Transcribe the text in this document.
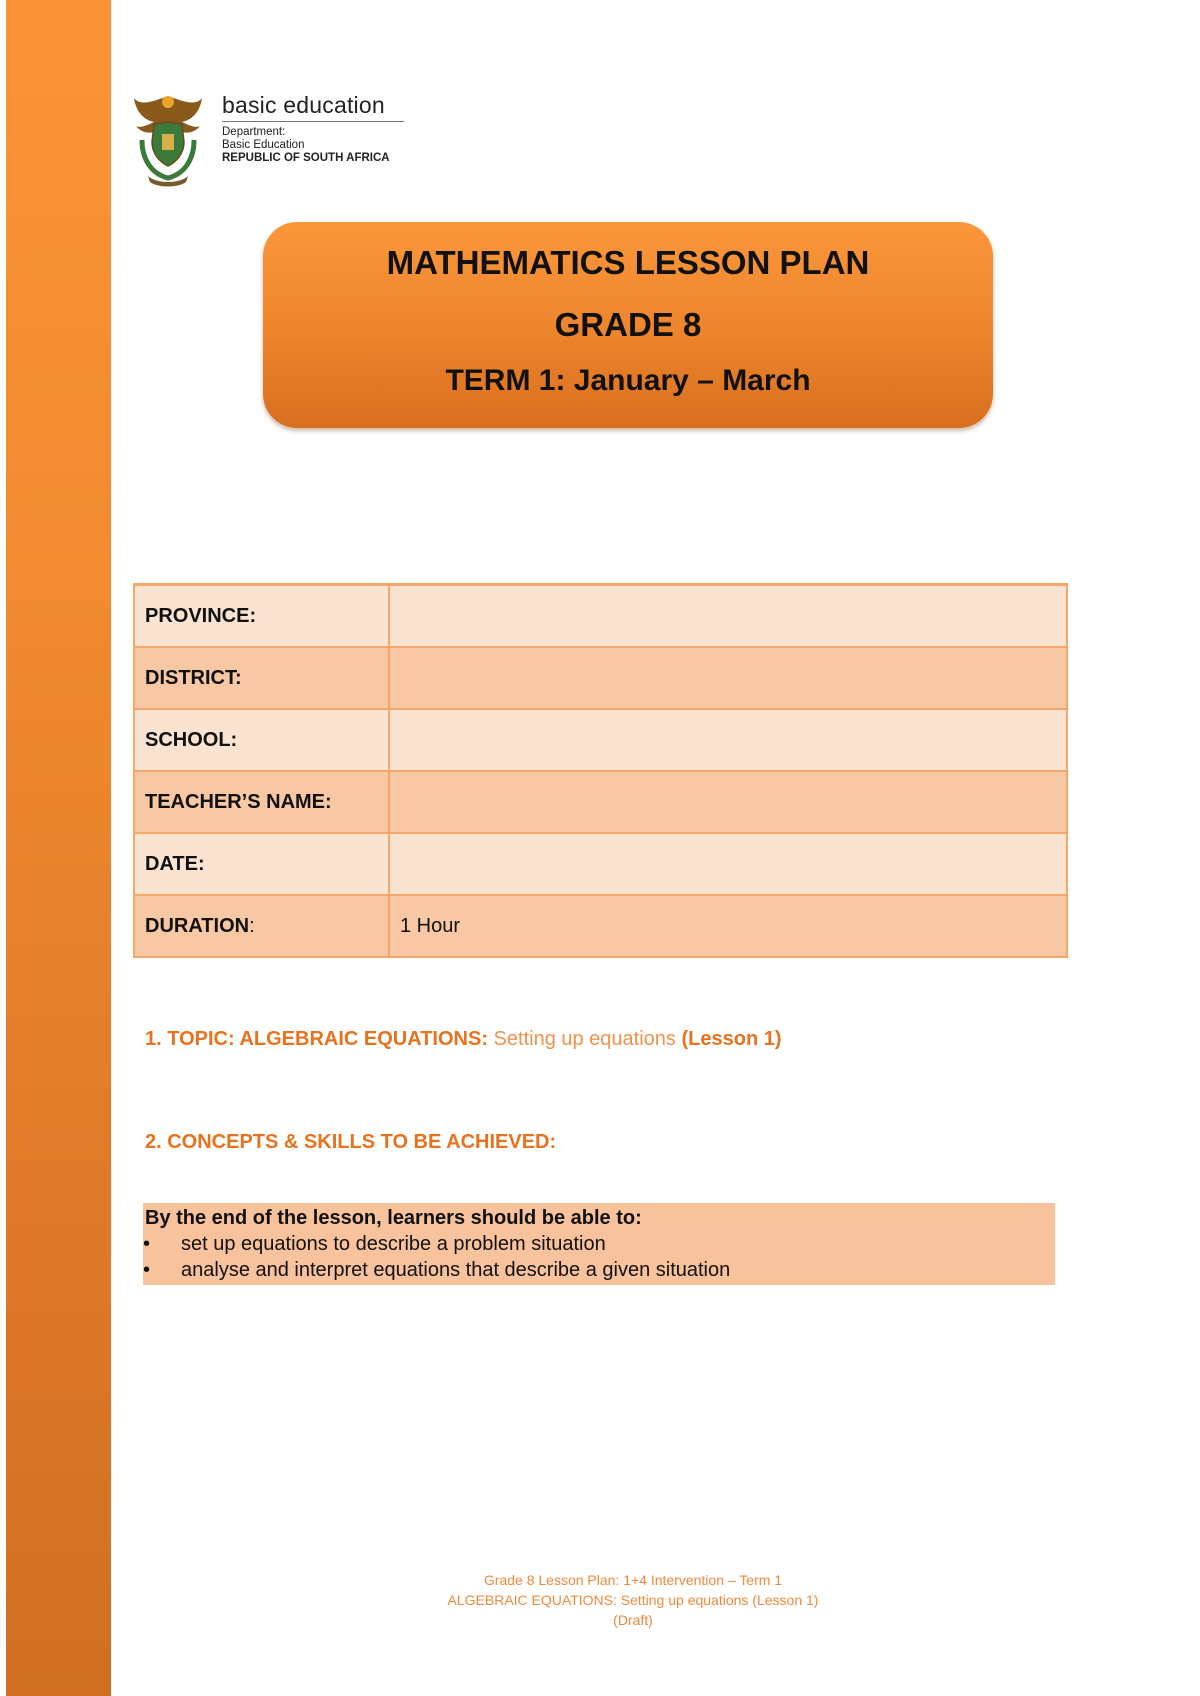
basic education
Department:
Basic Education
REPUBLIC OF SOUTH AFRICA
MATHEMATICS LESSON PLAN
GRADE 8
TERM 1: January – March
PROVINCE:	
DISTRICT:	
SCHOOL:	
TEACHER’S NAME:	
DATE:	
DURATION:	1 Hour
1. TOPIC: ALGEBRAIC EQUATIONS: Setting up equations (Lesson 1)
2. CONCEPTS & SKILLS TO BE ACHIEVED:
By the end of the lesson, learners should be able to:
• set up equations to describe a problem situation
• analyse and interpret equations that describe a given situation
Grade 8 Lesson Plan: 1+4 Intervention – Term 1
ALGEBRAIC EQUATIONS: Setting up equations (Lesson 1)
(Draft)
